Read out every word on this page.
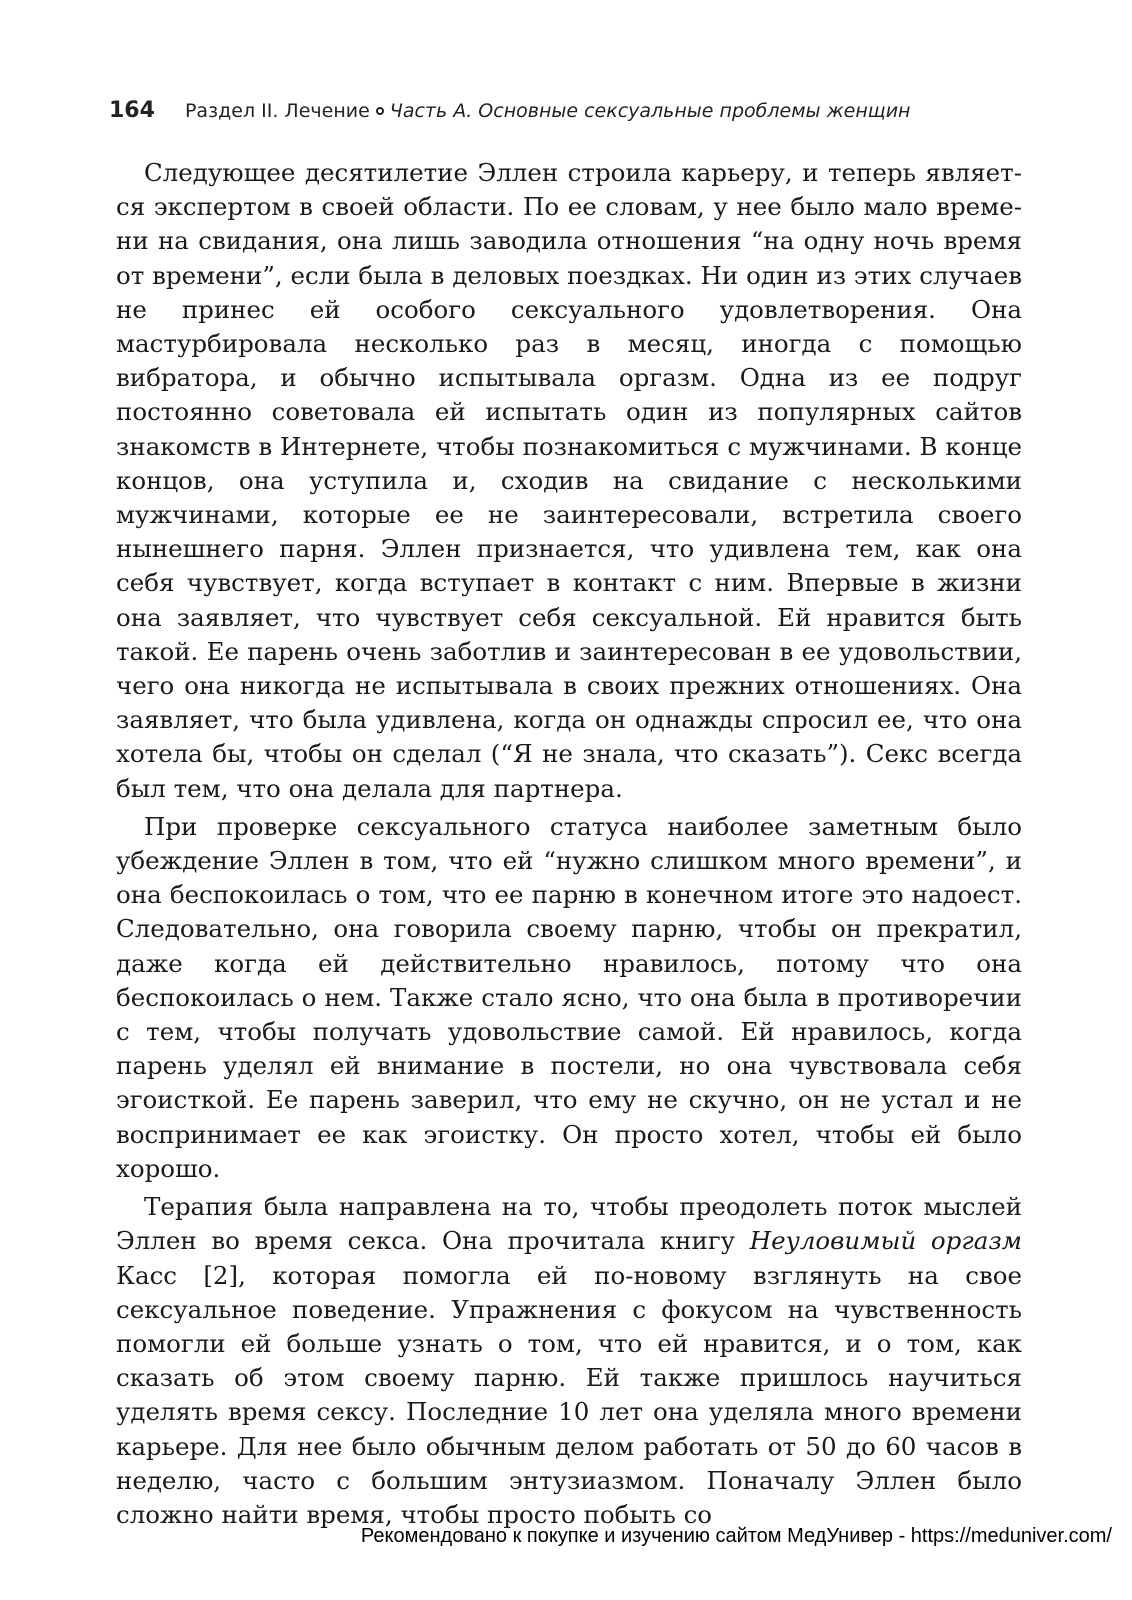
164 Раздел II. Лечение Часть А. Основные сексуальные проблемы женщин

Следующее десятилетие Эллен строила карьеру, и теперь является экспертом в своей области. По ее словам, у нее было мало времени на свидания, она лишь заводила отношения “на одну ночь время от времени”, если была в деловых поездках. Ни один из этих случаев не принес ей особого сексуального удовлетворения. Она мастурбировала несколько раз в месяц, иногда с помощью вибратора, и обычно испытывала оргазм. Одна из ее подруг постоянно советовала ей испытать один из популярных сайтов знакомств в Интернете, чтобы познакомиться с мужчинами. В конце концов, она уступила и, сходив на свидание с несколькими мужчинами, которые ее не заинтересовали, встретила своего нынешнего парня. Эллен признается, что удивлена тем, как она себя чувствует, когда вступает в контакт с ним. Впервые в жизни она заявляет, что чувствует себя сексуальной. Ей нравится быть такой. Ее парень очень заботлив и заинтересован в ее удовольствии, чего она никогда не испытывала в своих прежних отношениях. Она заявляет, что была удивлена, когда он однажды спросил ее, что она хотела бы, чтобы он сделал (“Я не знала, что сказать”). Секс всегда был тем, что она делала для партнера.

При проверке сексуального статуса наиболее заметным было убеждение Эллен в том, что ей “нужно слишком много времени”, и она беспокоилась о том, что ее парню в конечном итоге это надоест. Следовательно, она говорила своему парню, чтобы он прекратил, даже когда ей действительно нравилось, потому что она беспокоилась о нем. Также стало ясно, что она была в противоречии с тем, чтобы получать удовольствие самой. Ей нравилось, когда парень уделял ей внимание в постели, но она чувствовала себя эгоисткой. Ее парень заверил, что ему не скучно, он не устал и не воспринимает ее как эгоистку. Он просто хотел, чтобы ей было хорошо.

Терапия была направлена на то, чтобы преодолеть поток мыслей Эллен во время секса. Она прочитала книгу Неуловимый оргазм Касс [2], которая помогла ей по-новому взглянуть на свое сексуальное поведение. Упражнения с фокусом на чувственность помогли ей больше узнать о том, что ей нравится, и о том, как сказать об этом своему парню. Ей также пришлось научиться уделять время сексу. Последние 10 лет она уделяла много времени карьере. Для нее было обычным делом работать от 50 до 60 часов в неделю, часто с большим энтузиазмом. Поначалу Эллен было сложно найти время, чтобы просто побыть со

Рекомендовано к покупке и изучению сайтом МедУнивер - https://meduniver.com/
